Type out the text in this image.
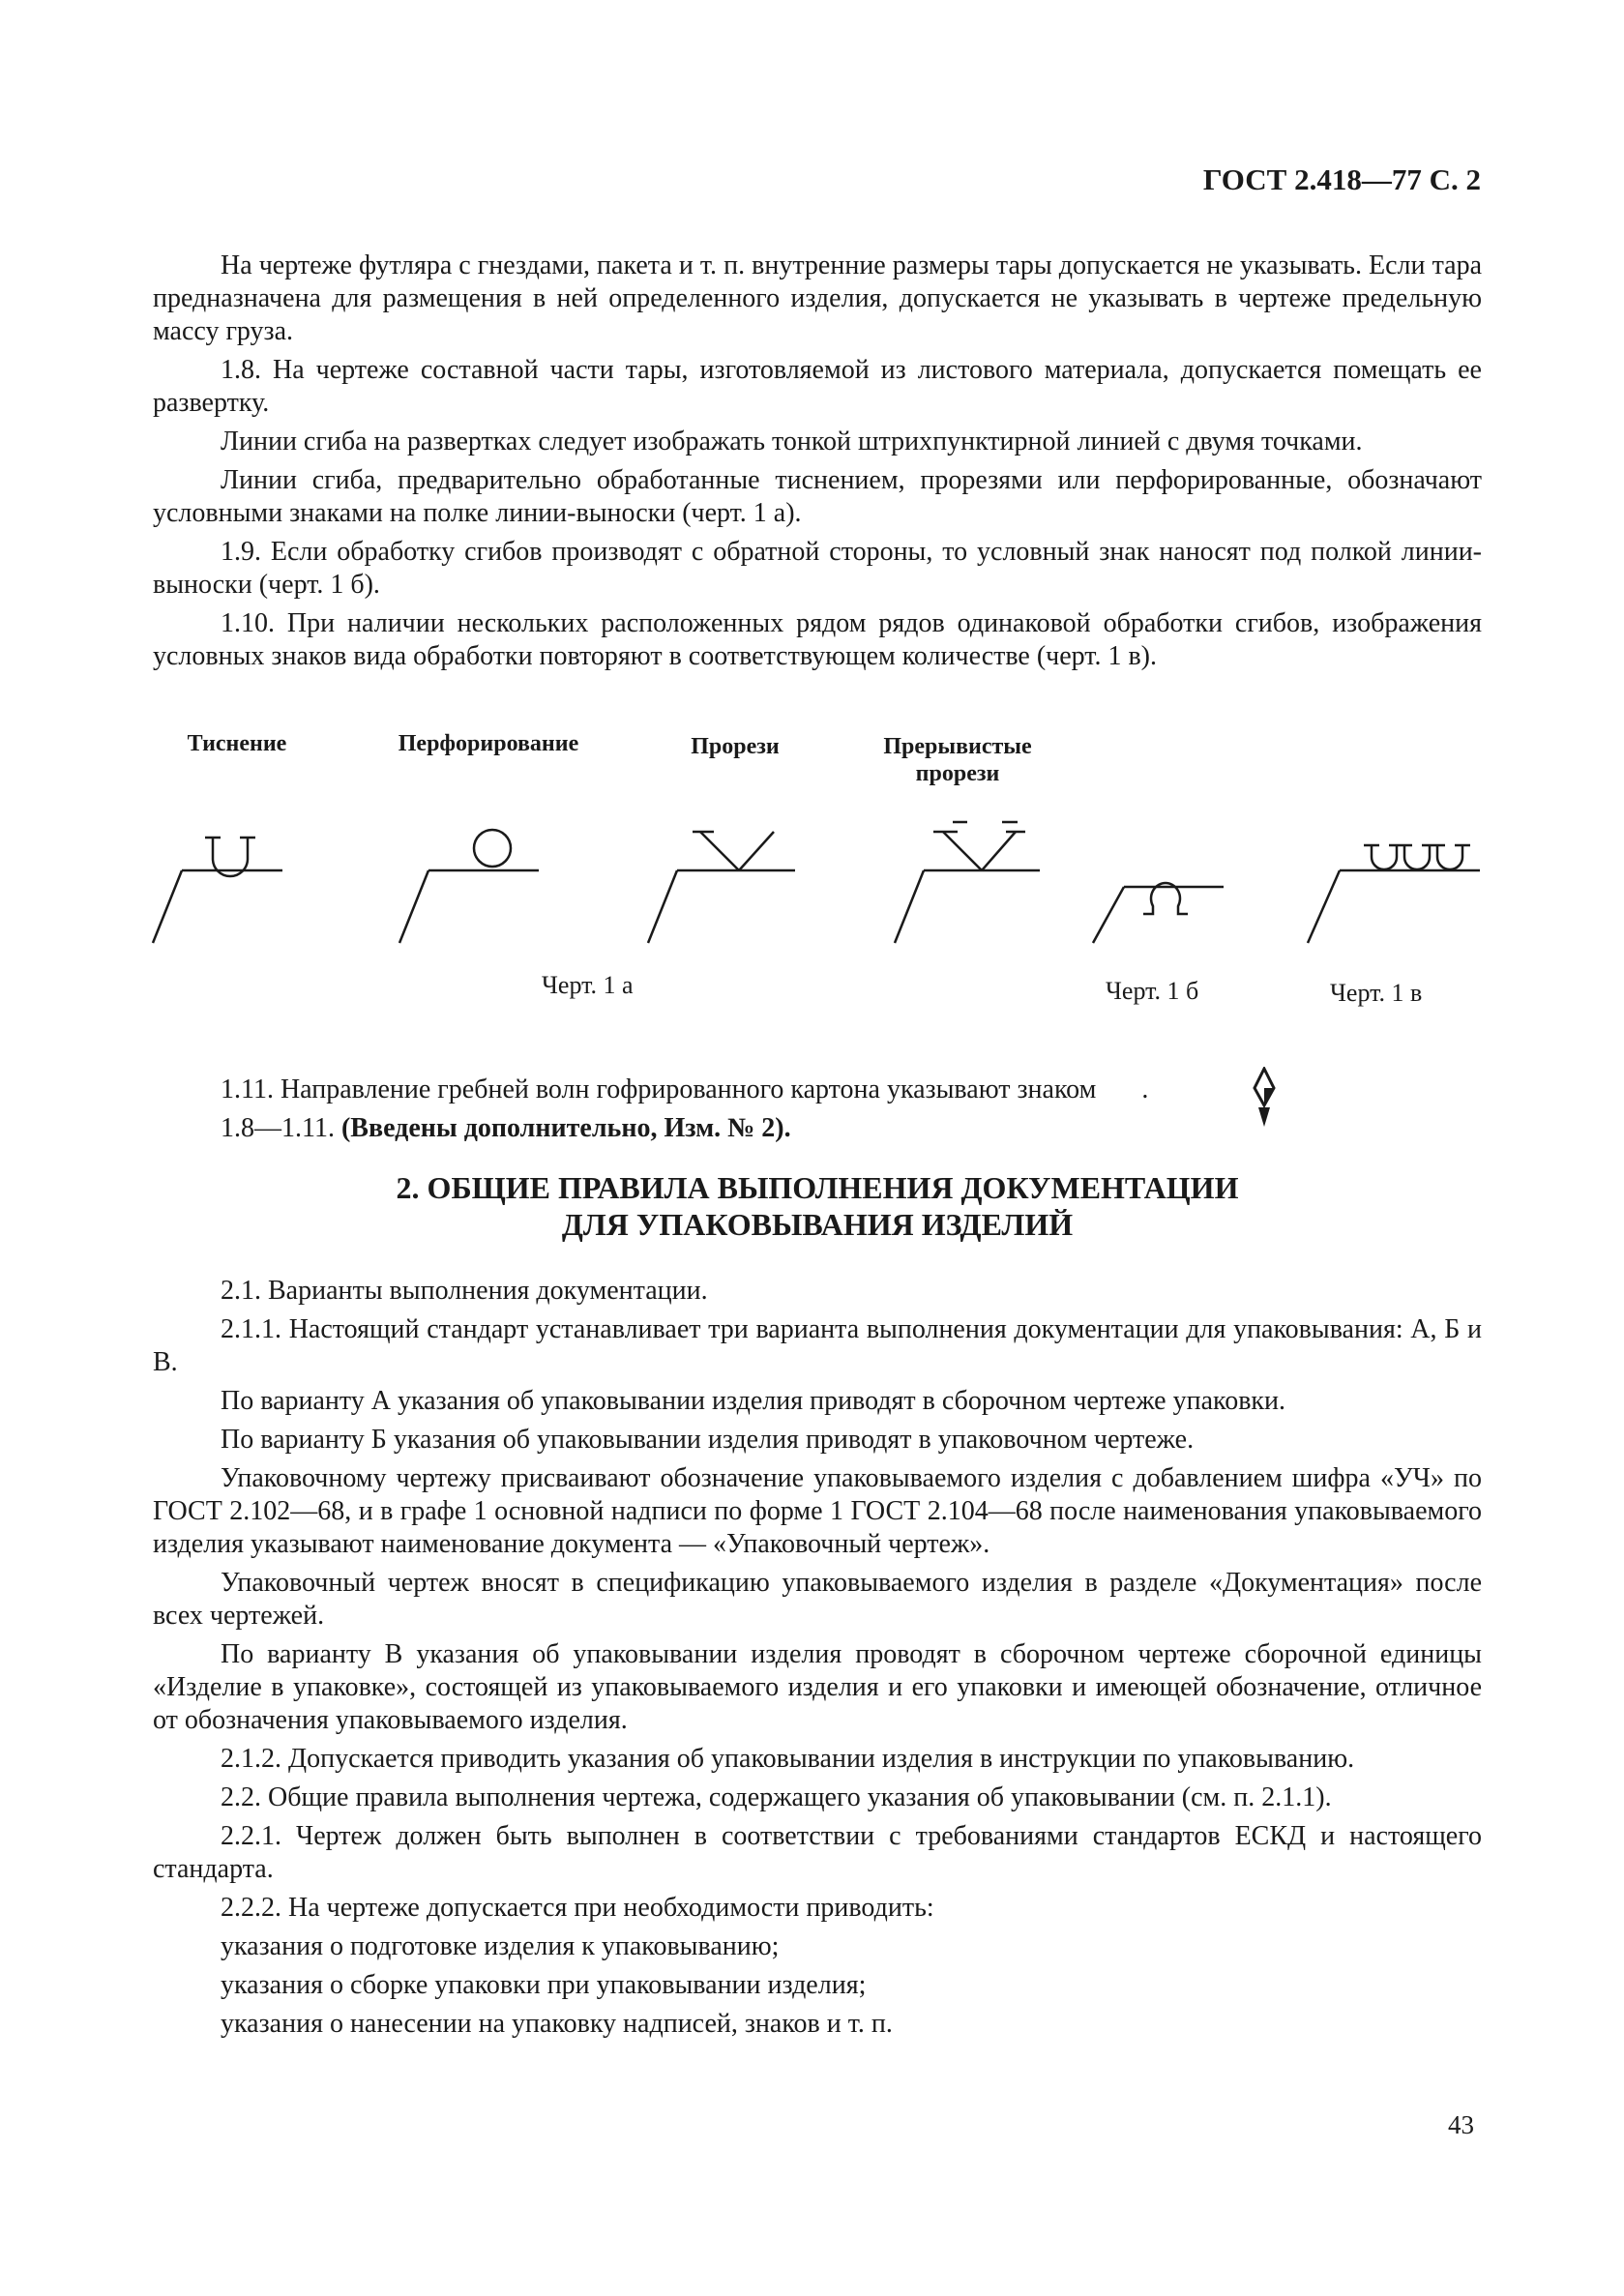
ГОСТ 2.418—77 С. 2

На чертеже футляра с гнездами, пакета и т. п. внутренние размеры тары допускается не указывать. Если тара предназначена для размещения в ней определенного изделия, допускается не указывать в чертеже предельную массу груза.

1.8. На чертеже составной части тары, изготовляемой из листового материала, допускается помещать ее развертку.

Линии сгиба на развертках следует изображать тонкой штрихпунктирной линией с двумя точками.

Линии сгиба, предварительно обработанные тиснением, прорезями или перфорированные, обозначают условными знаками на полке линии-выноски (черт. 1 а).

1.9. Если обработку сгибов производят с обратной стороны, то условный знак наносят под полкой линии-выноски (черт. 1 б).

1.10. При наличии нескольких расположенных рядом рядов одинаковой обработки сгибов, изображения условных знаков вида обработки повторяют в соответствующем количестве (черт. 1 в).

Тиснение	Перфорирование	Прорези	Прерывистые прорези
Черт. 1 а	Черт. 1 б	Черт. 1 в

1.11. Направление гребней волн гофрированного картона указывают знаком .

1.8—1.11. (Введены дополнительно, Изм. № 2).

2. ОБЩИЕ ПРАВИЛА ВЫПОЛНЕНИЯ ДОКУМЕНТАЦИИ
ДЛЯ УПАКОВЫВАНИЯ ИЗДЕЛИЙ

2.1. Варианты выполнения документации.

2.1.1. Настоящий стандарт устанавливает три варианта выполнения документации для упаковывания: А, Б и В.

По варианту А указания об упаковывании изделия приводят в сборочном чертеже упаковки.

По варианту Б указания об упаковывании изделия приводят в упаковочном чертеже.

Упаковочному чертежу присваивают обозначение упаковываемого изделия с добавлением шифра «УЧ» по ГОСТ 2.102—68, и в графе 1 основной надписи по форме 1 ГОСТ 2.104—68 после наименования упаковываемого изделия указывают наименование документа — «Упаковочный чертеж».

Упаковочный чертеж вносят в спецификацию упаковываемого изделия в разделе «Документация» после всех чертежей.

По варианту В указания об упаковывании изделия проводят в сборочном чертеже сборочной единицы «Изделие в упаковке», состоящей из упаковываемого изделия и его упаковки и имеющей обозначение, отличное от обозначения упаковываемого изделия.

2.1.2. Допускается приводить указания об упаковывании изделия в инструкции по упаковыванию.

2.2. Общие правила выполнения чертежа, содержащего указания об упаковывании (см. п. 2.1.1).

2.2.1. Чертеж должен быть выполнен в соответствии с требованиями стандартов ЕСКД и настоящего стандарта.

2.2.2. На чертеже допускается при необходимости приводить:

указания о подготовке изделия к упаковыванию;

указания о сборке упаковки при упаковывании изделия;

указания о нанесении на упаковку надписей, знаков и т. п.

43
